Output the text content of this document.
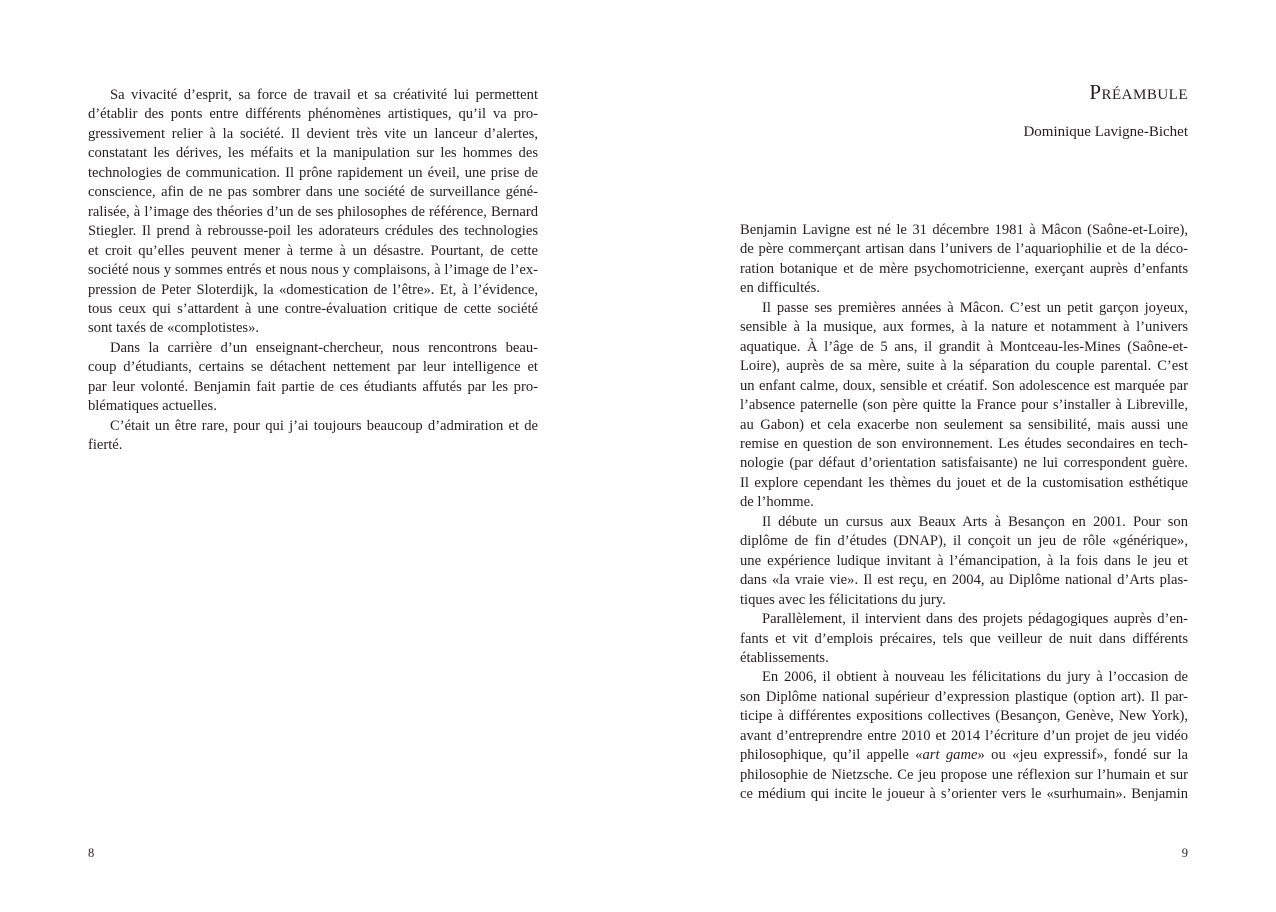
Sa vivacité d’esprit, sa force de travail et sa créativité lui permettent
d’établir des ponts entre différents phénomènes artistiques, qu’il va pro-
gressivement relier à la société. Il devient très vite un lanceur d’alertes,
constatant les dérives, les méfaits et la manipulation sur les hommes des
technologies de communication. Il prône rapidement un éveil, une prise de
conscience, afin de ne pas sombrer dans une société de surveillance géné-
ralisée, à l’image des théories d’un de ses philosophes de référence, Bernard
Stiegler. Il prend à rebrousse-poil les adorateurs crédules des technologies
et croit qu’elles peuvent mener à terme à un désastre. Pourtant, de cette
société nous y sommes entrés et nous nous y complaisons, à l’image de l’ex-
pression de Peter Sloterdijk, la «domestication de l’être». Et, à l’évidence,
tous ceux qui s’attardent à une contre-évaluation critique de cette société
sont taxés de «complotistes».
Dans la carrière d’un enseignant-chercheur, nous rencontrons beau-
coup d’étudiants, certains se détachent nettement par leur intelligence et
par leur volonté. Benjamin fait partie de ces étudiants affutés par les pro-
blématiques actuelles.
C’était un être rare, pour qui j’ai toujours beaucoup d’admiration et de
fierté.
Préambule
Dominique Lavigne-Bichet
Benjamin Lavigne est né le 31 décembre 1981 à Mâcon (Saône-et-Loire),
de père commerçant artisan dans l’univers de l’aquariophilie et de la déco-
ration botanique et de mère psychomotricienne, exerçant auprès d’enfants
en difficultés.
Il passe ses premières années à Mâcon. C’est un petit garçon joyeux,
sensible à la musique, aux formes, à la nature et notamment à l’univers
aquatique. À l’âge de 5 ans, il grandit à Montceau-les-Mines (Saône-et-
Loire), auprès de sa mère, suite à la séparation du couple parental. C’est
un enfant calme, doux, sensible et créatif. Son adolescence est marquée par
l’absence paternelle (son père quitte la France pour s’installer à Libreville,
au Gabon) et cela exacerbe non seulement sa sensibilité, mais aussi une
remise en question de son environnement. Les études secondaires en tech-
nologie (par défaut d’orientation satisfaisante) ne lui correspondent guère.
Il explore cependant les thèmes du jouet et de la customisation esthétique
de l’homme.
Il débute un cursus aux Beaux Arts à Besançon en 2001. Pour son
diplôme de fin d’études (DNAP), il conçoit un jeu de rôle «générique»,
une expérience ludique invitant à l’émancipation, à la fois dans le jeu et
dans «la vraie vie». Il est reçu, en 2004, au Diplôme national d’Arts plas-
tiques avec les félicitations du jury.
Parallèlement, il intervient dans des projets pédagogiques auprès d’en-
fants et vit d’emplois précaires, tels que veilleur de nuit dans différents
établissements.
En 2006, il obtient à nouveau les félicitations du jury à l’occasion de
son Diplôme national supérieur d’expression plastique (option art). Il par-
ticipe à différentes expositions collectives (Besançon, Genève, New York),
avant d’entreprendre entre 2010 et 2014 l’écriture d’un projet de jeu vidéo
philosophique, qu’il appelle «art game» ou «jeu expressif», fondé sur la
philosophie de Nietzsche. Ce jeu propose une réflexion sur l’humain et sur
ce médium qui incite le joueur à s’orienter vers le «surhumain». Benjamin
8	9
